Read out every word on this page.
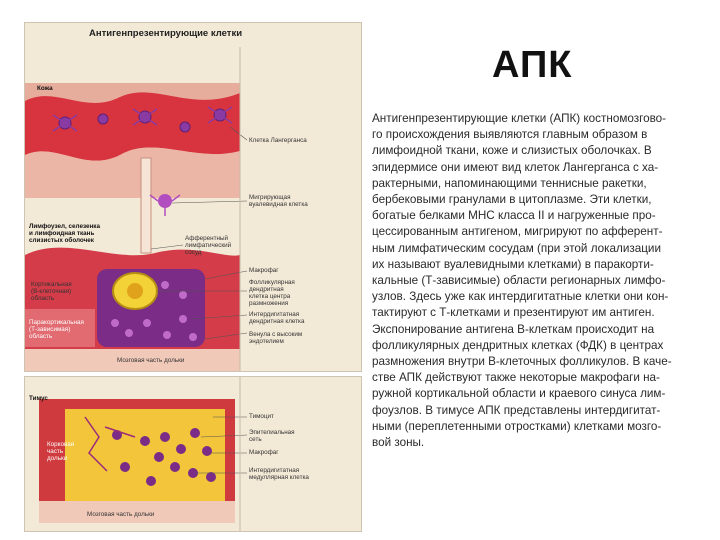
Антигенпрезентирующие клетки
Кожа
Клетка Лангерганса
Мигрирующая
вуалевидная клетка
Лимфоузел, селезенка
и лимфоидная ткань
слизистых оболочек	Афферентный
лимфатический
сосуд
Макрофаг
Фолликулярная
дендритная
клетка центра
размножения
Интердигитатная
дендритная клетка
Кортикальная
(В-клеточная)
область
Паракортикальная
(Т-зависимая)
область	Венула с высоким
эндотелием
Мозговая часть дольки
Тимус
Тимоцит
Корковая
часть
дольки
Эпителиальная
сеть
Макрофаг
Интердигитатная
медуллярная клетка
Мозговая часть дольки
АПК
Антигенпрезентирующие клетки (АПК) костномозгово-
го происхождения выявляются главным образом в
лимфоидной ткани, коже и слизистых оболочках. В
эпидермисе они имеют вид клеток Лангерганса с ха-
рактерными, напоминающими теннисные ракетки,
бербековыми гранулами в цитоплазме. Эти клетки,
богатые белками МНС класса II и нагруженные про-
цессированным антигеном, мигрируют по афферент-
ным лимфатическим сосудам (при этой локализации
их называют вуалевидными клетками) в паракорти-
кальные (Т-зависимые) области регионарных лимфо-
узлов. Здесь уже как интердигитатные клетки они кон-
тактируют с Т-клетками и презентируют им антиген.
Экспонирование антигена В-клеткам происходит на
фолликулярных дендритных клетках (ФДК) в центрах
размножения внутри В-клеточных фолликулов. В каче-
стве АПК действуют также некоторые макрофаги на-
ружной кортикальной области и краевого синуса лим-
фоузлов. В тимусе АПК представлены интердигитат-
ными (переплетенными отростками) клетками мозго-
вой зоны.
